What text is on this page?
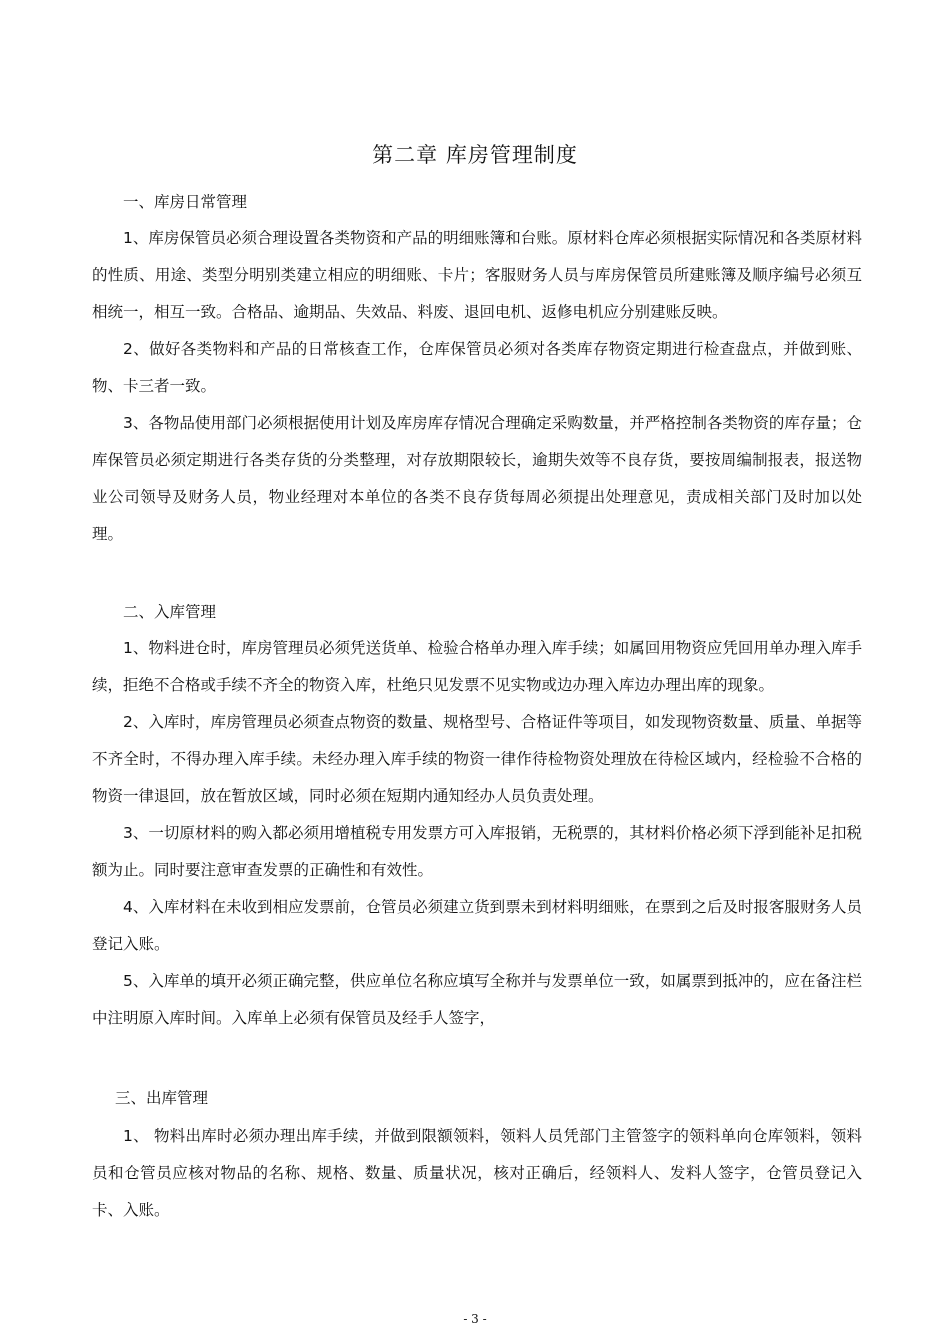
第二章 库房管理制度
一、库房日常管理

1、库房保管员必须合理设置各类物资和产品的明细账簿和台账。原材料仓库必须根据实际情况和各类原材料的性质、用途、类型分明别类建立相应的明细账、卡片；客服财务人员与库房保管员所建账簿及顺序编号必须互相统一，相互一致。合格品、逾期品、失效品、料废、退回电机、返修电机应分别建账反映。

2、做好各类物料和产品的日常核查工作，仓库保管员必须对各类库存物资定期进行检查盘点，并做到账、物、卡三者一致。

3、各物品使用部门必须根据使用计划及库房库存情况合理确定采购数量，并严格控制各类物资的库存量；仓库保管员必须定期进行各类存货的分类整理，对存放期限较长，逾期失效等不良存货，要按周编制报表，报送物业公司领导及财务人员，物业经理对本单位的各类不良存货每周必须提出处理意见，责成相关部门及时加以处理。

二、入库管理

1、物料进仓时，库房管理员必须凭送货单、检验合格单办理入库手续；如属回用物资应凭回用单办理入库手续，拒绝不合格或手续不齐全的物资入库，杜绝只见发票不见实物或边办理入库边办理出库的现象。

2、入库时，库房管理员必须查点物资的数量、规格型号、合格证件等项目，如发现物资数量、质量、单据等不齐全时，不得办理入库手续。未经办理入库手续的物资一律作待检物资处理放在待检区域内，经检验不合格的物资一律退回，放在暂放区域，同时必须在短期内通知经办人员负责处理。

3、一切原材料的购入都必须用增植税专用发票方可入库报销，无税票的，其材料价格必须下浮到能补足扣税额为止。同时要注意审查发票的正确性和有效性。

4、入库材料在未收到相应发票前，仓管员必须建立货到票未到材料明细账，在票到之后及时报客服财务人员登记入账。

5、入库单的填开必须正确完整，供应单位名称应填写全称并与发票单位一致，如属票到抵冲的，应在备注栏中注明原入库时间。入库单上必须有保管员及经手人签字，

三、出库管理

1、 物料出库时必须办理出库手续，并做到限额领料，领料人员凭部门主管签字的领料单向仓库领料，领料员和仓管员应核对物品的名称、规格、数量、质量状况，核对正确后，经领料人、发料人签字，仓管员登记入卡、入账。

- 3 -
